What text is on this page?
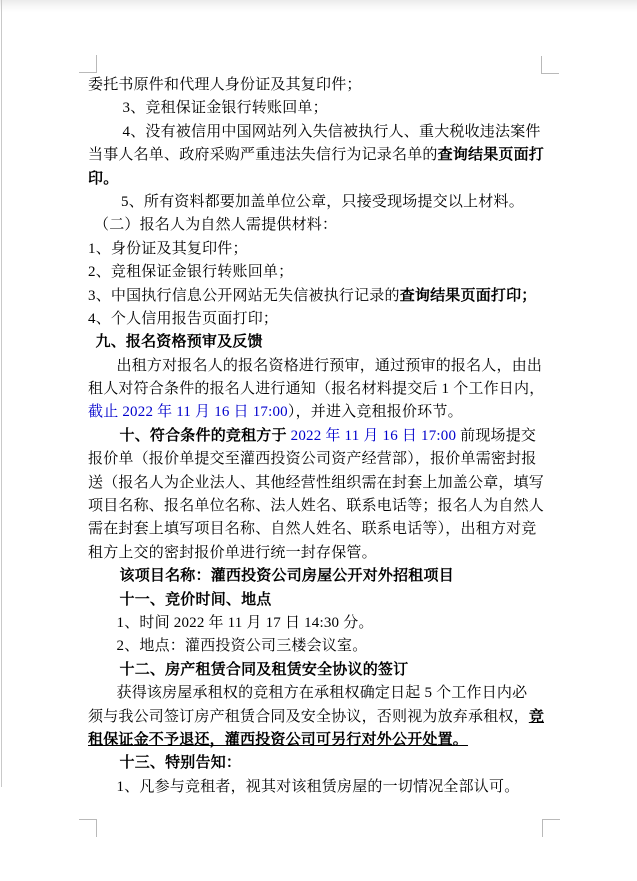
委托书原件和代理人身份证及其复印件；
3、竞租保证金银行转账回单；
4、没有被信用中国网站列入失信被执行人、重大税收违法案件
当事人名单、政府采购严重违法失信行为记录名单的查询结果页面打
印。
5、所有资料都要加盖单位公章，只接受现场提交以上材料。
（二）报名人为自然人需提供材料：
1、身份证及其复印件；
2、竞租保证金银行转账回单；
3、中国执行信息公开网站无失信被执行记录的查询结果页面打印；
4、个人信用报告页面打印；
九、报名资格预审及反馈
出租方对报名人的报名资格进行预审，通过预审的报名人，由出
租人对符合条件的报名人进行通知（报名材料提交后 1 个工作日内，
截止 2022 年 11 月 16 日 17:00），并进入竞租报价环节。
十、符合条件的竞租方于 2022 年 11 月 16 日 17:00 前现场提交
报价单（报价单提交至灌西投资公司资产经营部），报价单需密封报
送（报名人为企业法人、其他经营性组织需在封套上加盖公章，填写
项目名称、报名单位名称、法人姓名、联系电话等；报名人为自然人
需在封套上填写项目名称、自然人姓名、联系电话等），出租方对竞
租方上交的密封报价单进行统一封存保管。
该项目名称：灌西投资公司房屋公开对外招租项目
十一、竞价时间、地点
1、时间 2022 年 11 月 17 日 14:30 分。
2、地点：灌西投资公司三楼会议室。
十二、房产租赁合同及租赁安全协议的签订
获得该房屋承租权的竞租方在承租权确定日起 5 个工作日内必
须与我公司签订房产租赁合同及安全协议，否则视为放弃承租权，竞
租保证金不予退还，灌西投资公司可另行对外公开处置。
十三、特别告知：
1、凡参与竞租者，视其对该租赁房屋的一切情况全部认可。
